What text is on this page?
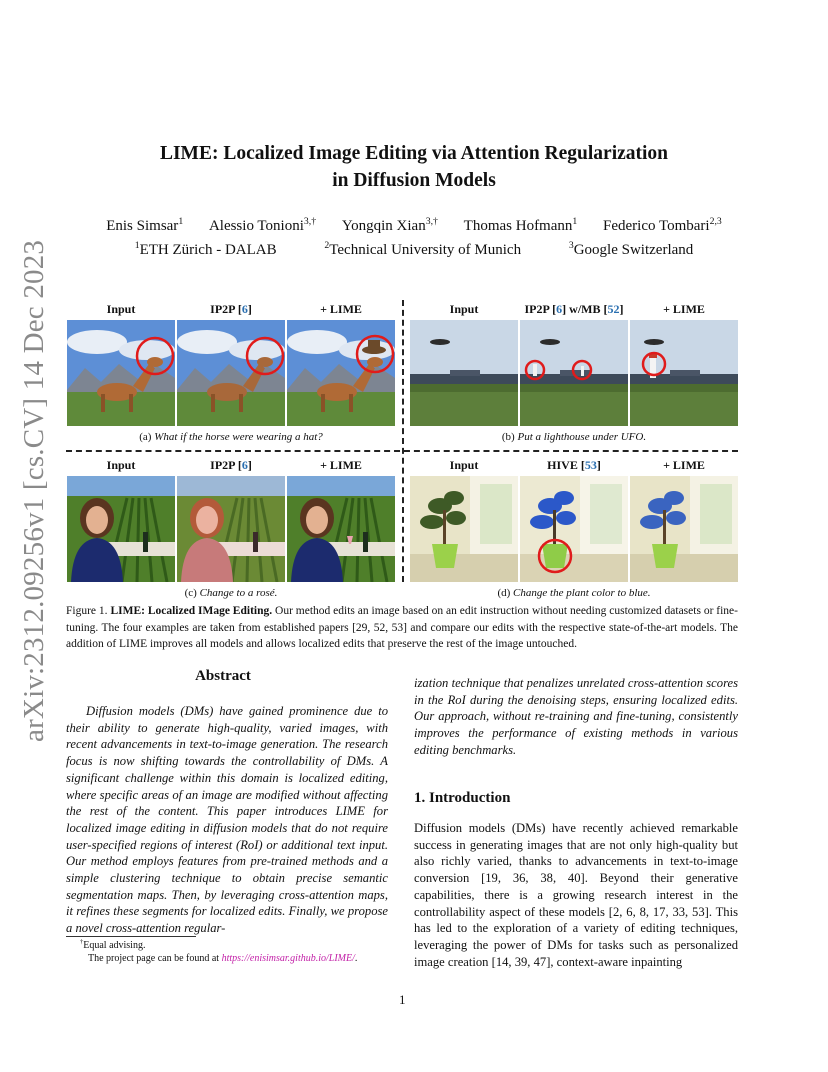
arXiv:2312.09256v1 [cs.CV] 14 Dec 2023
LIME: Localized Image Editing via Attention Regularization
in Diffusion Models
Enis Simsar$^1$ Alessio Tonioni$^{3,\dagger}$ Yongqin Xian$^{3,\dagger}$ Thomas Hofmann$^1$ Federico Tombari$^{2,3}$
$^1$ETH Zürich - DALAB	$^2$Technical University of Munich	$^3$Google Switzerland
Input	IP2P [6]	+ LIME
(a) What if the horse were wearing a hat?
Input	IP2P [6] w/MB [52]	+ LIME
(b) Put a lighthouse under UFO.
Input	IP2P [6]	+ LIME
(c) Change to a rosé.
Input	HIVE [53]	+ LIME
(d) Change the plant color to blue.
Figure 1. LIME: Localized IMage Editing. Our method edits an image based on an edit instruction without needing customized datasets or fine-tuning. The four examples are taken from established papers [29, 52, 53] and compare our edits with the respective state-of-the-art models. The addition of LIME improves all models and allows localized edits that preserve the rest of the image untouched.
Abstract
Diffusion models (DMs) have gained prominence due to their ability to generate high-quality, varied images, with recent advancements in text-to-image generation. The research focus is now shifting towards the controllability of DMs. A significant challenge within this domain is localized editing, where specific areas of an image are modified without affecting the rest of the content. This paper introduces LIME for localized image editing in diffusion models that do not require user-specified regions of interest (RoI) or additional text input. Our method employs features from pre-trained methods and a simple clustering technique to obtain precise semantic segmentation maps. Then, by leveraging cross-attention maps, it refines these segments for localized edits. Finally, we propose a novel cross-attention regular-
ization technique that penalizes unrelated cross-attention scores in the RoI during the denoising steps, ensuring localized edits. Our approach, without re-training and fine-tuning, consistently improves the performance of existing methods in various editing benchmarks.
1. Introduction
Diffusion models (DMs) have recently achieved remarkable success in generating images that are not only high-quality but also richly varied, thanks to advancements in text-to-image conversion [19, 36, 38, 40]. Beyond their generative capabilities, there is a growing research interest in the controllability aspect of these models [2, 6, 8, 17, 33, 53]. This has led to the exploration of a variety of editing techniques, leveraging the power of DMs for tasks such as personalized image creation [14, 39, 47], context-aware inpainting
†Equal advising.
The project page can be found at https://enisimsar.github.io/LIME/.
1
